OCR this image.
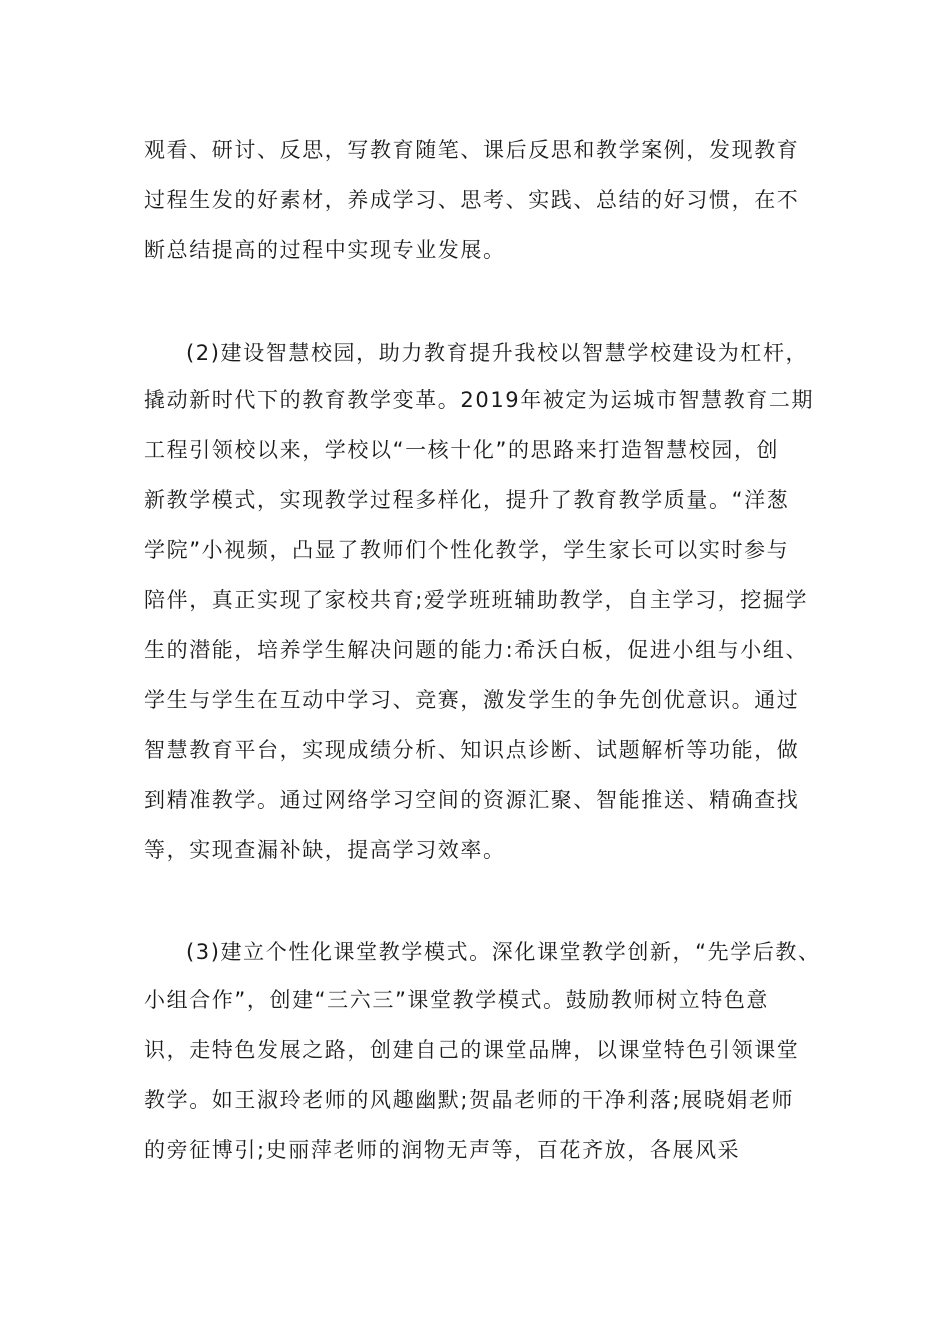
观看、研讨、反思，写教育随笔、课后反思和教学案例，发现教育
过程生发的好素材，养成学习、思考、实践、总结的好习惯，在不
断总结提高的过程中实现专业发展。
(2)建设智慧校园，助力教育提升我校以智慧学校建设为杠杆，
撬动新时代下的教育教学变革。2019年被定为运城市智慧教育二期
工程引领校以来，学校以“一核十化”的思路来打造智慧校园，创
新教学模式，实现教学过程多样化，提升了教育教学质量。“洋葱
学院”小视频，凸显了教师们个性化教学，学生家长可以实时参与
陪伴，真正实现了家校共育;爱学班班辅助教学，自主学习，挖掘学
生的潜能，培养学生解决问题的能力:希沃白板，促进小组与小组、
学生与学生在互动中学习、竞赛，激发学生的争先创优意识。通过
智慧教育平台，实现成绩分析、知识点诊断、试题解析等功能，做
到精准教学。通过网络学习空间的资源汇聚、智能推送、精确查找
等，实现查漏补缺，提高学习效率。
(3)建立个性化课堂教学模式。深化课堂教学创新，“先学后教、
小组合作”，创建“三六三”课堂教学模式。鼓励教师树立特色意
识，走特色发展之路，创建自己的课堂品牌，以课堂特色引领课堂
教学。如王淑玲老师的风趣幽默;贺晶老师的干净利落;展晓娟老师
的旁征博引;史丽萍老师的润物无声等，百花齐放，各展风采
